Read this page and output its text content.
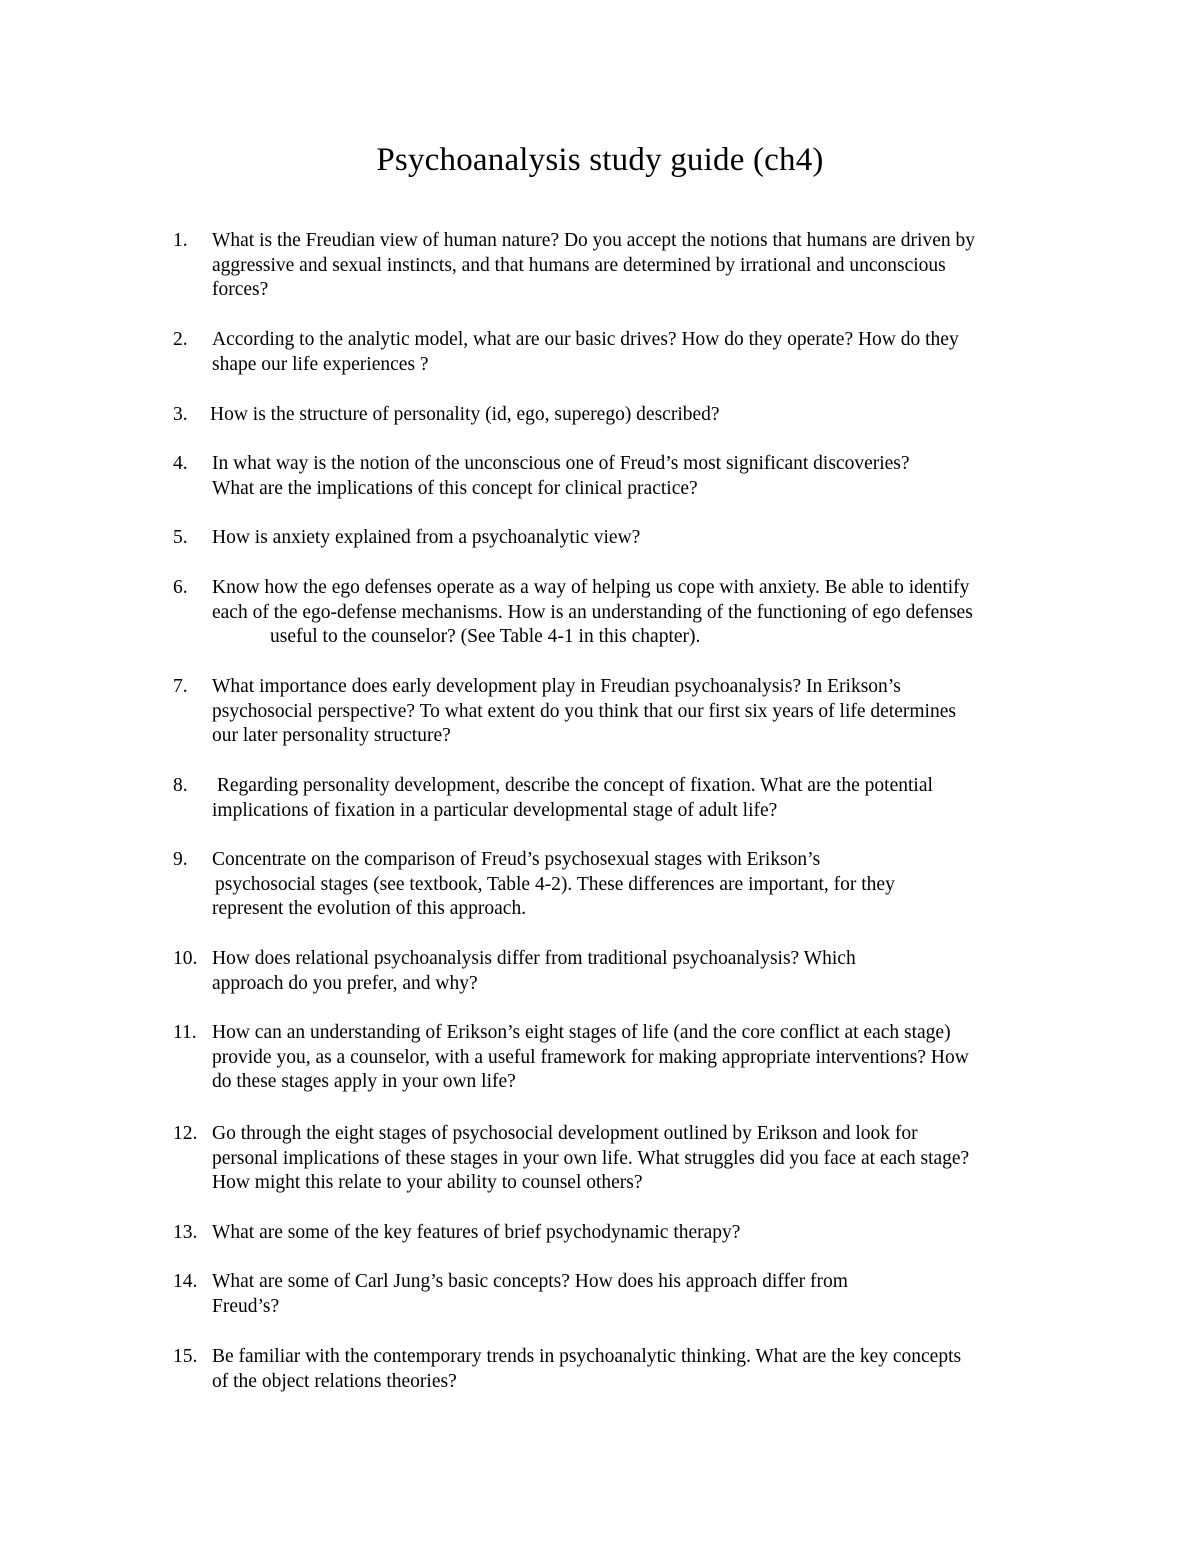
Psychoanalysis study guide (ch4)
1. What is the Freudian view of human nature? Do you accept the notions that humans are driven by
aggressive and sexual instincts, and that humans are determined by irrational and unconscious
forces?
2. According to the analytic model, what are our basic drives? How do they operate? How do they
shape our life experiences ?
3. How is the structure of personality (id, ego, superego) described?
4. In what way is the notion of the unconscious one of Freud’s most significant discoveries?
What are the implications of this concept for clinical practice?
5. How is anxiety explained from a psychoanalytic view?
6. Know how the ego defenses operate as a way of helping us cope with anxiety. Be able to identify
each of the ego-defense mechanisms. How is an understanding of the functioning of ego defenses
useful to the counselor? (See Table 4-1 in this chapter).
7. What importance does early development play in Freudian psychoanalysis? In Erikson’s
psychosocial perspective? To what extent do you think that our first six years of life determines
our later personality structure?
8. Regarding personality development, describe the concept of fixation. What are the potential
implications of fixation in a particular developmental stage of adult life?
9. Concentrate on the comparison of Freud’s psychosexual stages with Erikson’s
psychosocial stages (see textbook, Table 4-2). These differences are important, for they
represent the evolution of this approach.
10. How does relational psychoanalysis differ from traditional psychoanalysis? Which
approach do you prefer, and why?
11. How can an understanding of Erikson’s eight stages of life (and the core conflict at each stage)
provide you, as a counselor, with a useful framework for making appropriate interventions? How
do these stages apply in your own life?
12. Go through the eight stages of psychosocial development outlined by Erikson and look for
personal implications of these stages in your own life. What struggles did you face at each stage?
How might this relate to your ability to counsel others?
13. What are some of the key features of brief psychodynamic therapy?
14. What are some of Carl Jung’s basic concepts? How does his approach differ from
Freud’s?
15. Be familiar with the contemporary trends in psychoanalytic thinking. What are the key concepts
of the object relations theories?
